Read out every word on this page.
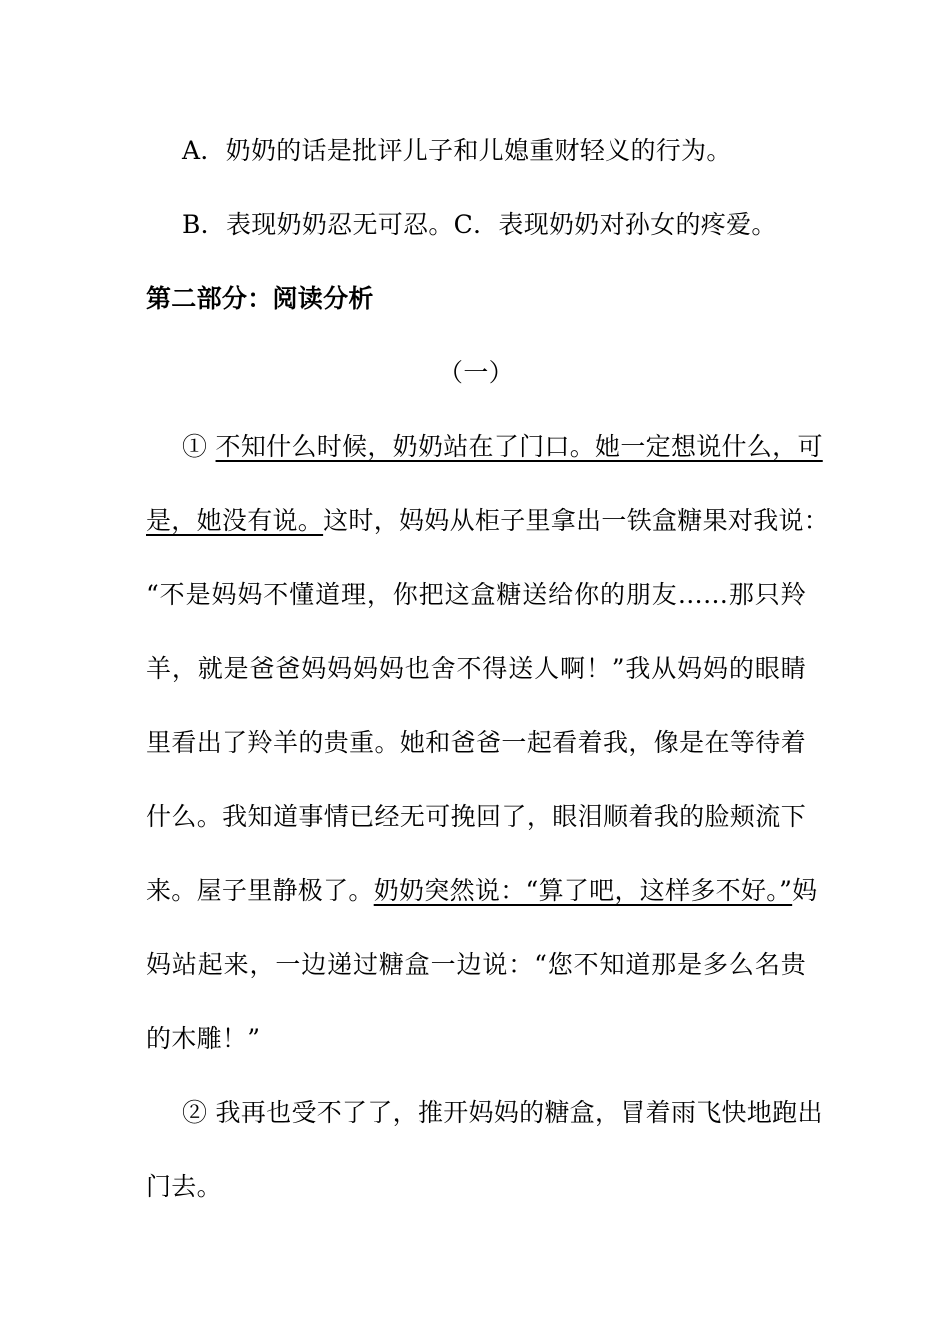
A．奶奶的话是批评儿子和儿媳重财轻义的行为。
B．表现奶奶忍无可忍。C．表现奶奶对孙女的疼爱。
第二部分：阅读分析
（一）
① 不知什么时候，奶奶站在了门口。她一定想说什么，可
是，她没有说。这时，妈妈从柜子里拿出一铁盒糖果对我说：
“不是妈妈不懂道理，你把这盒糖送给你的朋友……那只羚
羊，就是爸爸妈妈妈妈也舍不得送人啊！”我从妈妈的眼睛
里看出了羚羊的贵重。她和爸爸一起看着我，像是在等待着
什么。我知道事情已经无可挽回了，眼泪顺着我的脸颊流下
来。屋子里静极了。奶奶突然说：“算了吧，这样多不好。”妈
妈站起来，一边递过糖盒一边说：“您不知道那是多么名贵
的木雕！”
② 我再也受不了了，推开妈妈的糖盒，冒着雨飞快地跑出
门去。
